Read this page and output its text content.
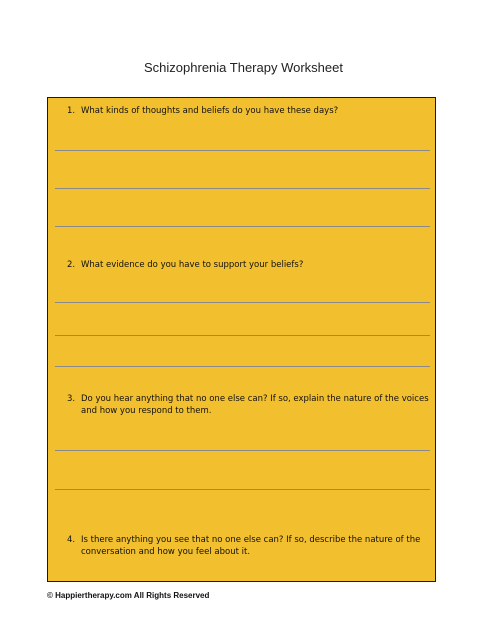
Schizophrenia Therapy Worksheet
1. What kinds of thoughts and beliefs do you have these days?
2. What evidence do you have to support your beliefs?
3. Do you hear anything that no one else can? If so, explain the nature of the voices and how you respond to them.
4. Is there anything you see that no one else can? If so, describe the nature of the conversation and how you feel about it.
© Happiertherapy.com All Rights Reserved
